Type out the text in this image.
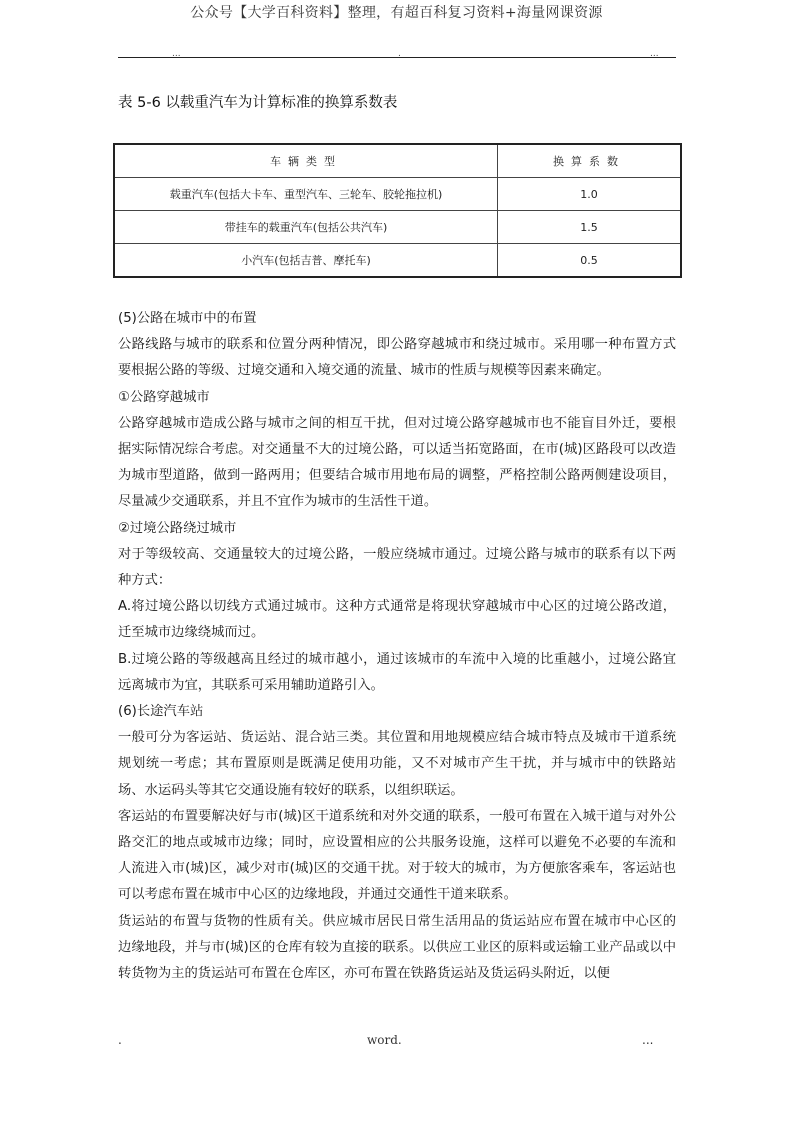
公众号【大学百科资料】整理，有超百科复习资料+海量网课资源
...	.	...
表 5-6 以载重汽车为计算标准的换算系数表
车辆类型	换算系数
载重汽车(包括大卡车、重型汽车、三轮车、胶轮拖拉机)	1.0
带挂车的载重汽车(包括公共汽车)	1.5
小汽车(包括吉普、摩托车)	0.5

(5)公路在城市中的布置

公路线路与城市的联系和位置分两种情况，即公路穿越城市和绕过城市。采用哪一种布置方式要根据公路的等级、过境交通和入境交通的流量、城市的性质与规模等因素来确定。

①公路穿越城市

公路穿越城市造成公路与城市之间的相互干扰，但对过境公路穿越城市也不能盲目外迁，要根据实际情况综合考虑。对交通量不大的过境公路，可以适当拓宽路面，在市(城)区路段可以改造为城市型道路，做到一路两用；但要结合城市用地布局的调整，严格控制公路两侧建设项目，尽量减少交通联系，并且不宜作为城市的生活性干道。

②过境公路绕过城市

对于等级较高、交通量较大的过境公路，一般应绕城市通过。过境公路与城市的联系有以下两种方式：

A.将过境公路以切线方式通过城市。这种方式通常是将现状穿越城市中心区的过境公路改道，迁至城市边缘绕城而过。

B.过境公路的等级越高且经过的城市越小，通过该城市的车流中入境的比重越小，过境公路宜远离城市为宜，其联系可采用辅助道路引入。

(6)长途汽车站

一般可分为客运站、货运站、混合站三类。其位置和用地规模应结合城市特点及城市干道系统规划统一考虑；其布置原则是既满足使用功能，又不对城市产生干扰，并与城市中的铁路站场、水运码头等其它交通设施有较好的联系，以组织联运。

客运站的布置要解决好与市(城)区干道系统和对外交通的联系，一般可布置在入城干道与对外公路交汇的地点或城市边缘；同时，应设置相应的公共服务设施，这样可以避免不必要的车流和人流进入市(城)区，减少对市(城)区的交通干扰。对于较大的城市，为方便旅客乘车，客运站也可以考虑布置在城市中心区的边缘地段，并通过交通性干道来联系。

货运站的布置与货物的性质有关。供应城市居民日常生活用品的货运站应布置在城市中心区的边缘地段，并与市(城)区的仓库有较为直接的联系。以供应工业区的原料或运输工业产品或以中转货物为主的货运站可布置在仓库区，亦可布置在铁路货运站及货运码头附近，以便

.	word.	...
